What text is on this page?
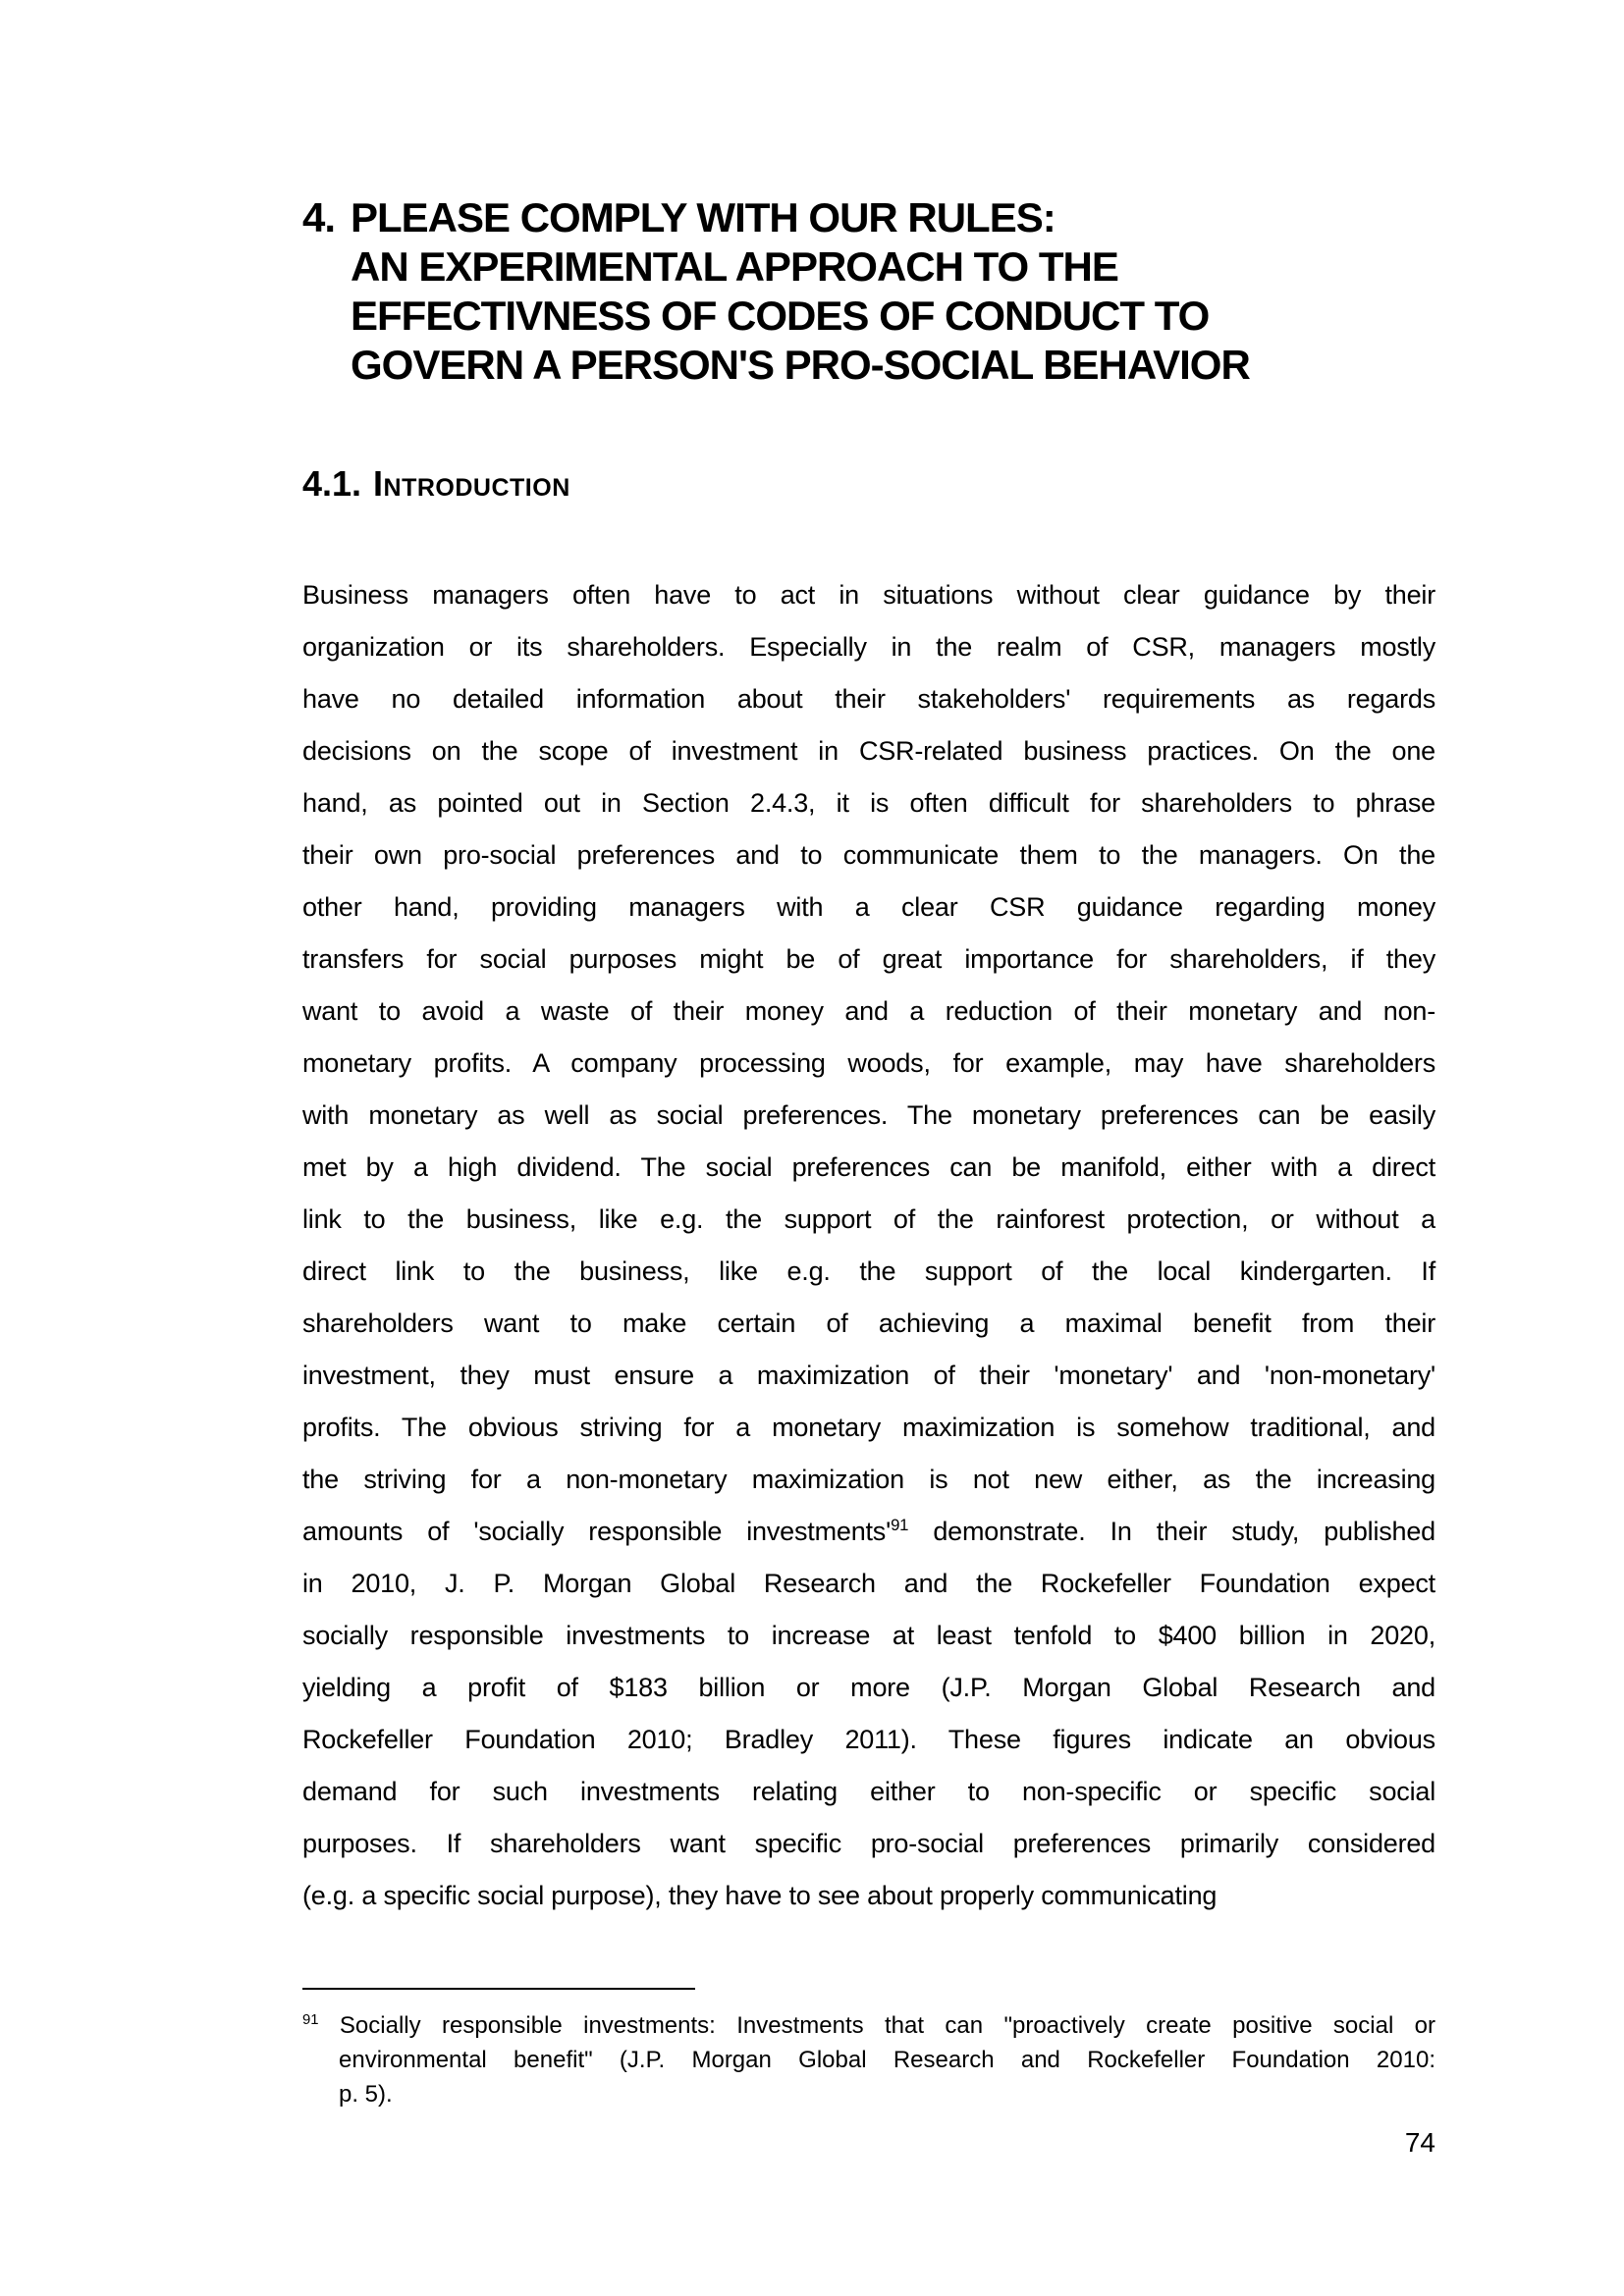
4. PLEASE COMPLY WITH OUR RULES:
AN EXPERIMENTAL APPROACH TO THE
EFFECTIVNESS OF CODES OF CONDUCT TO
GOVERN A PERSON'S PRO-SOCIAL BEHAVIOR
4.1. Introduction
Business managers often have to act in situations without clear guidance by their
organization or its shareholders. Especially in the realm of CSR, managers mostly
have no detailed information about their stakeholders' requirements as regards
decisions on the scope of investment in CSR-related business practices. On the one
hand, as pointed out in Section 2.4.3, it is often difficult for shareholders to phrase
their own pro-social preferences and to communicate them to the managers. On the
other hand, providing managers with a clear CSR guidance regarding money
transfers for social purposes might be of great importance for shareholders, if they
want to avoid a waste of their money and a reduction of their monetary and non-
monetary profits. A company processing woods, for example, may have shareholders
with monetary as well as social preferences. The monetary preferences can be easily
met by a high dividend. The social preferences can be manifold, either with a direct
link to the business, like e.g. the support of the rainforest protection, or without a
direct link to the business, like e.g. the support of the local kindergarten. If
shareholders want to make certain of achieving a maximal benefit from their
investment, they must ensure a maximization of their 'monetary' and 'non-monetary'
profits. The obvious striving for a monetary maximization is somehow traditional, and
the striving for a non-monetary maximization is not new either, as the increasing
amounts of 'socially responsible $investments'^{91}$ demonstrate. In their study, published
in 2010, J. P. Morgan Global Research and the Rockefeller Foundation expect
socially responsible investments to increase at least tenfold to $400 billion in 2020,
yielding a profit of $183 billion or more (J.P. Morgan Global Research and
Rockefeller Foundation 2010; Bradley 2011). These figures indicate an obvious
demand for such investments relating either to non-specific or specific social
purposes. If shareholders want specific pro-social preferences primarily considered
(e.g. a specific social purpose), they have to see about properly communicating
$^{91}$ Socially responsible investments: Investments that can "proactively create positive social or
environmental benefit" (J.P. Morgan Global Research and Rockefeller Foundation 2010:
p. 5).
74
